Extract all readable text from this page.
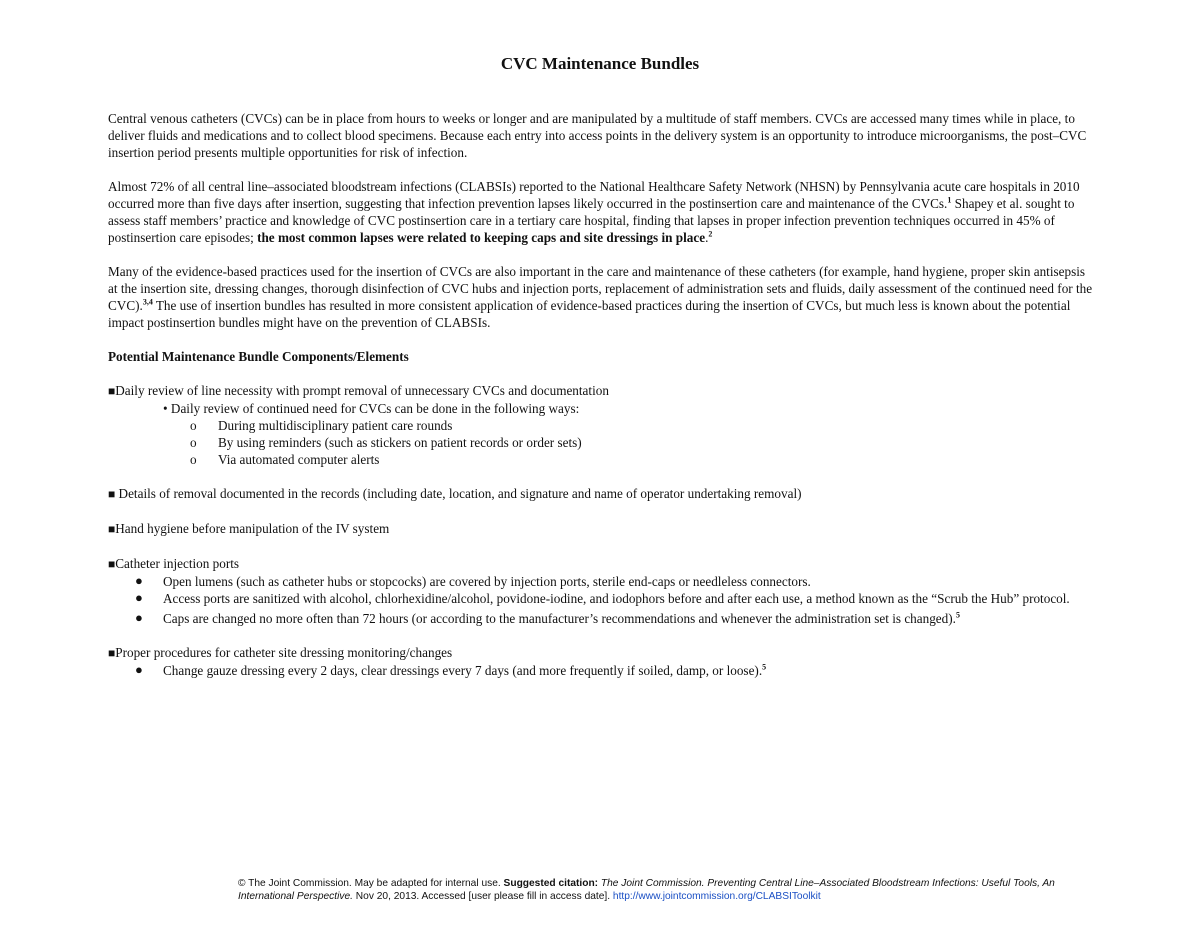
CVC Maintenance Bundles

Central venous catheters (CVCs) can be in place from hours to weeks or longer and are manipulated by a multitude of staff members. CVCs are accessed many times while in place, to deliver fluids and medications and to collect blood specimens. Because each entry into access points in the delivery system is an opportunity to introduce microorganisms, the post–CVC insertion period presents multiple opportunities for risk of infection.

Almost 72% of all central line–associated bloodstream infections (CLABSIs) reported to the National Healthcare Safety Network (NHSN) by Pennsylvania acute care hospitals in 2010 occurred more than five days after insertion, suggesting that infection prevention lapses likely occurred in the postinsertion care and maintenance of the CVCs.$^1$ Shapey et al. sought to assess staff members’ practice and knowledge of CVC postinsertion care in a tertiary care hospital, finding that lapses in proper infection prevention techniques occurred in 45% of postinsertion care episodes; the most common lapses were related to keeping caps and site dressings in place.$^2$

Many of the evidence-based practices used for the insertion of CVCs are also important in the care and maintenance of these catheters (for example, hand hygiene, proper skin antisepsis at the insertion site, dressing changes, thorough disinfection of CVC hubs and injection ports, replacement of administration sets and fluids, daily assessment of the continued need for the CVC).$^{3,4}$ The use of insertion bundles has resulted in more consistent application of evidence-based practices during the insertion of CVCs, but much less is known about the potential impact postinsertion bundles might have on the prevention of CLABSIs.

Potential Maintenance Bundle Components/Elements

■Daily review of line necessity with prompt removal of unnecessary CVCs and documentation
• Daily review of continued need for CVCs can be done in the following ways:
o During multidisciplinary patient care rounds
o By using reminders (such as stickers on patient records or order sets)
o Via automated computer alerts
■ Details of removal documented in the records (including date, location, and signature and name of operator undertaking removal)
■Hand hygiene before manipulation of the IV system
■Catheter injection ports
● Open lumens (such as catheter hubs or stopcocks) are covered by injection ports, sterile end-caps or needleless connectors.
● Access ports are sanitized with alcohol, chlorhexidine/alcohol, povidone-iodine, and iodophors before and after each use, a method known as the “Scrub the Hub” protocol.
● Caps are changed no more often than 72 hours (or according to the manufacturer’s recommendations and whenever the administration set is changed).$^5$
■Proper procedures for catheter site dressing monitoring/changes
● Change gauze dressing every 2 days, clear dressings every 7 days (and more frequently if soiled, damp, or loose).$^5$
© The Joint Commission. May be adapted for internal use. Suggested citation: The Joint Commission. Preventing Central Line–Associated Bloodstream Infections: Useful Tools, An International Perspective. Nov 20, 2013. Accessed [user please fill in access date]. http://www.jointcommission.org/CLABSIToolkit
